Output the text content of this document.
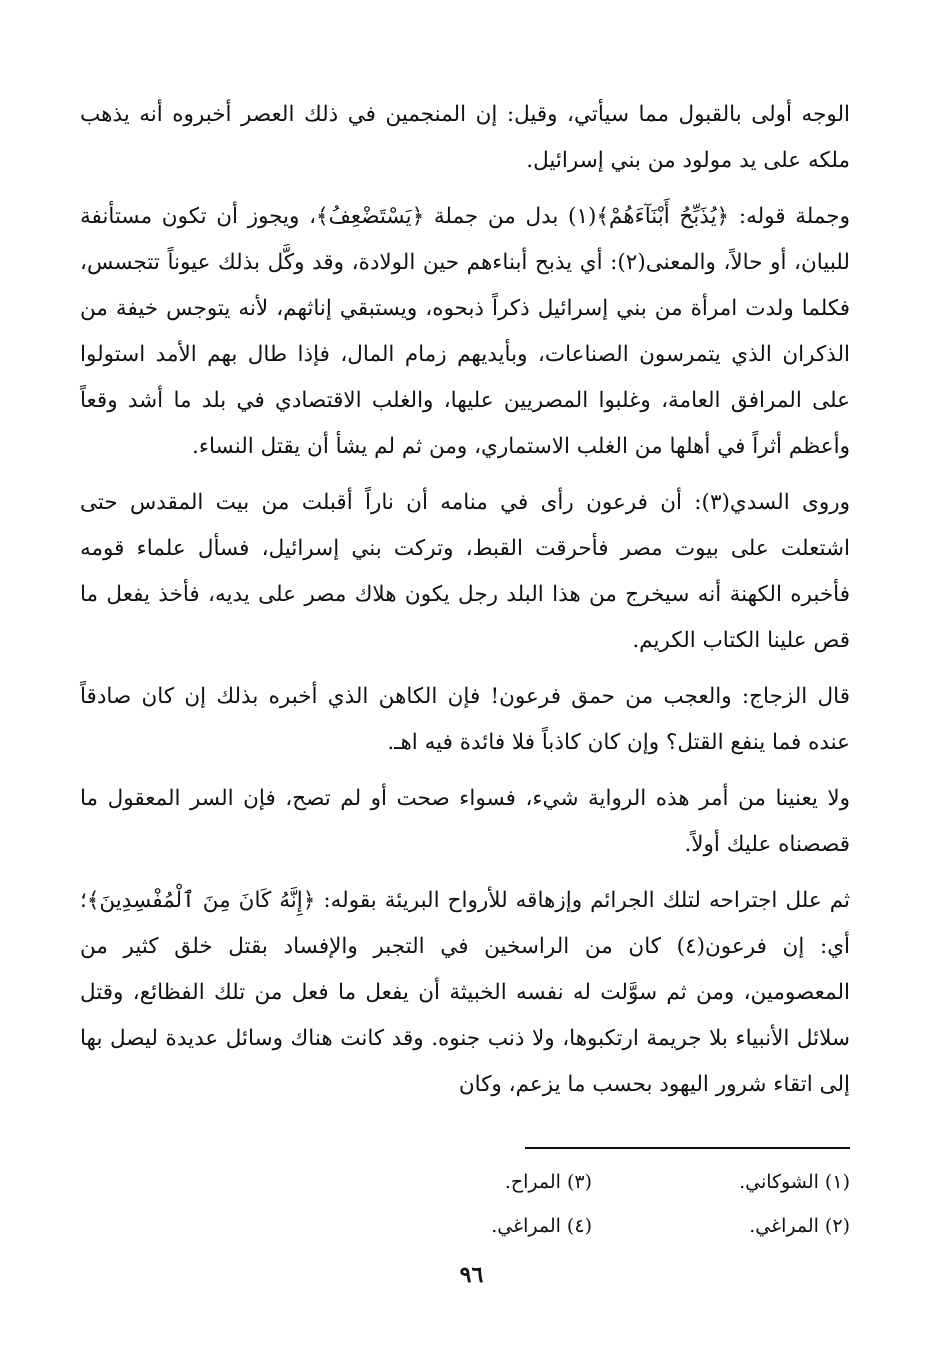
الوجه أولى بالقبول مما سيأتي، وقيل: إن المنجمين في ذلك العصر أخبروه أنه يذهب ملكه على يد مولود من بني إسرائيل.

وجملة قوله: ﴿يُذَبِّحُ أَبْنَآءَهُمْ﴾(١) بدل من جملة ﴿يَسْتَضْعِفُ﴾، ويجوز أن تكون مستأنفة للبيان، أو حالاً، والمعنى(٢): أي يذبح أبناءهم حين الولادة، وقد وكَّل بذلك عيوناً تتجسس، فكلما ولدت امرأة من بني إسرائيل ذكراً ذبحوه، ويستبقي إناثهم، لأنه يتوجس خيفة من الذكران الذي يتمرسون الصناعات، وبأيديهم زمام المال، فإذا طال بهم الأمد استولوا على المرافق العامة، وغلبوا المصريين عليها، والغلب الاقتصادي في بلد ما أشد وقعاً وأعظم أثراً في أهلها من الغلب الاستماري، ومن ثم لم يشأ أن يقتل النساء.

وروى السدي(٣): أن فرعون رأى في منامه أن ناراً أقبلت من بيت المقدس حتى اشتعلت على بيوت مصر فأحرقت القبط، وتركت بني إسرائيل، فسأل علماء قومه فأخبره الكهنة أنه سيخرج من هذا البلد رجل يكون هلاك مصر على يديه، فأخذ يفعل ما قص علينا الكتاب الكريم.

قال الزجاج: والعجب من حمق فرعون! فإن الكاهن الذي أخبره بذلك إن كان صادقاً عنده فما ينفع القتل؟ وإن كان كاذباً فلا فائدة فيه اهـ.

ولا يعنينا من أمر هذه الرواية شيء، فسواء صحت أو لم تصح، فإن السر المعقول ما قصصناه عليك أولاً.

ثم علل اجتراحه لتلك الجرائم وإزهاقه للأرواح البريئة بقوله: ﴿إِنَّهُ كَانَ مِنَ ٱلْمُفْسِدِينَ﴾؛ أي: إن فرعون(٤) كان من الراسخين في التجبر والإفساد بقتل خلق كثير من المعصومين، ومن ثم سوَّلت له نفسه الخبيثة أن يفعل ما فعل من تلك الفظائع، وقتل سلائل الأنبياء بلا جريمة ارتكبوها، ولا ذنب جنوه. وقد كانت هناك وسائل عديدة ليصل بها إلى اتقاء شرور اليهود بحسب ما يزعم، وكان

(١) الشوكاني.
(٣) المراح.
(٢) المراغي.
(٤) المراغي.
٩٦
